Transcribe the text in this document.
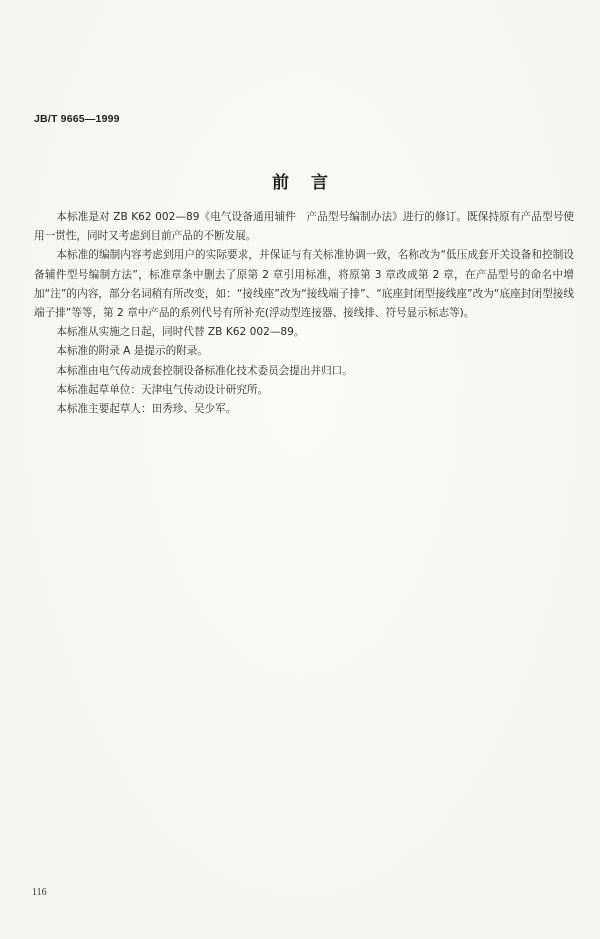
JB/T 9665—1999
前言

本标准是对 ZB K62 002—89《电气设备通用辅件　产品型号编制办法》进行的修订。既保持原有产品型号使用一贯性，同时又考虑到目前产品的不断发展。

本标准的编制内容考虑到用户的实际要求，并保证与有关标准协调一致，名称改为“低压成套开关设备和控制设备辅件型号编制方法”，标准章条中删去了原第 2 章引用标准，将原第 3 章改成第 2 章，在产品型号的命名中增加“注”的内容，部分名词稍有所改变，如：“接线座”改为“接线端子排”、“底座封闭型接线座”改为“底座封闭型接线端子排”等等，第 2 章中产品的系列代号有所补充(浮动型连接器、接线排、符号显示标志等)。

本标准从实施之日起，同时代替 ZB K62 002—89。

本标准的附录 A 是提示的附录。

本标准由电气传动成套控制设备标准化技术委员会提出并归口。

本标准起草单位：天津电气传动设计研究所。

本标准主要起草人：田秀珍、吴少军。

116
